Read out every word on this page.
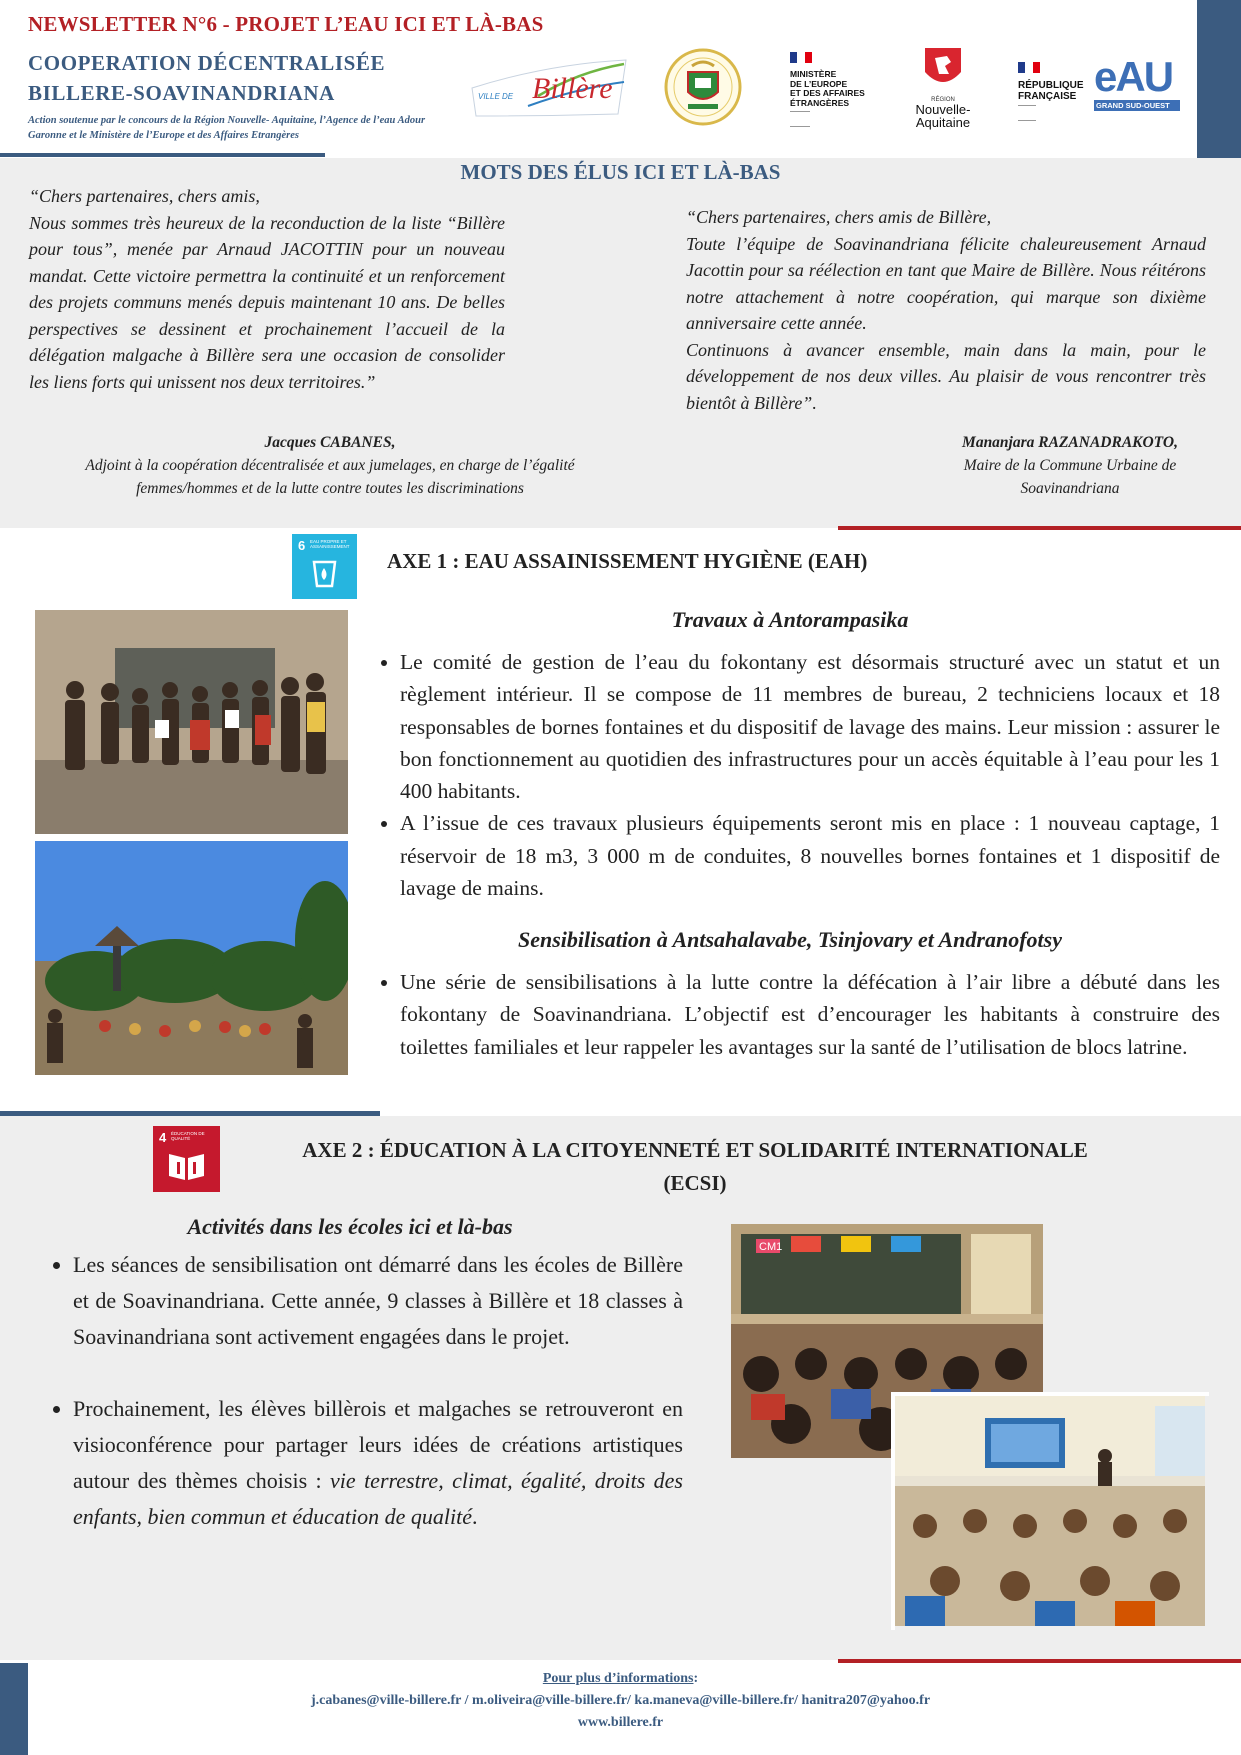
NEWSLETTER N°6 - PROJET L’EAU ICI ET LÀ-BAS
COOPERATION DÉCENTRALISÉE
BILLERE-SOAVINANDRIANA
Action soutenue par le concours de la Région Nouvelle- Aquitaine, l’Agence de l’eau Adour Garonne et le Ministère de l’Europe et des Affaires Etrangères
VILLE DE Billère	MINISTÈRE
DE L’EUROPE
ET DES AFFAIRES
ÉTRANGÈRES	RÉGION
Nouvelle-
Aquitaine
RÉPUBLIQUE
FRANÇAISE eAU
GRAND SUD-OUEST
MOTS DES ÉLUS ICI ET LÀ-BAS
“Chers partenaires, chers amis,
Nous sommes très heureux de la reconduction de la liste “Billère pour tous”, menée par Arnaud JACOTTIN pour un nouveau mandat. Cette victoire permettra la continuité et un renforcement des projets communs menés depuis maintenant 10 ans. De belles perspectives se dessinent et prochainement l’accueil de la délégation malgache à Billère sera une occasion de consolider les liens forts qui unissent nos deux territoires.”
“Chers partenaires, chers amis de Billère,
Toute l’équipe de Soavinandriana félicite chaleureusement Arnaud Jacottin pour sa réélection en tant que Maire de Billère. Nous réitérons notre attachement à notre coopération, qui marque son dixième anniversaire cette année.
Continuons à avancer ensemble, main dans la main, pour le développement de nos deux villes. Au plaisir de vous rencontrer très bientôt à Billère”.
Jacques CABANES,
Adjoint à la coopération décentralisée et aux jumelages, en charge de l’égalité femmes/hommes et de la lutte contre toutes les discriminations
Mananjara RAZANADRAKOTO,
Maire de la Commune Urbaine de Soavinandriana
6 EAU PROPRE ET ASSAINISSEMENT
AXE 1 : EAU ASSAINISSEMENT HYGIÈNE (EAH)
Travaux à Antorampasika
• Le comité de gestion de l’eau du fokontany est désormais structuré avec un statut et un règlement intérieur. Il se compose de 11 membres de bureau, 2 techniciens locaux et 18 responsables de bornes fontaines et du dispositif de lavage des mains. Leur mission : assurer le bon fonctionnement au quotidien des infrastructures pour un accès équitable à l’eau pour les 1 400 habitants.
• A l’issue de ces travaux plusieurs équipements seront mis en place : 1 nouveau captage, 1 réservoir de 18 m3, 3 000 m de conduites, 8 nouvelles bornes fontaines et 1 dispositif de lavage de mains.
Sensibilisation à Antsahalavabe, Tsinjovary et Andranofotsy
• Une série de sensibilisations à la lutte contre la défécation à l’air libre a débuté dans les fokontany de Soavinandriana. L’objectif est d’encourager les habitants à construire des toilettes familiales et leur rappeler les avantages sur la santé de l’utilisation de blocs latrine.
4 ÉDUCATION DE QUALITÉ	AXE 2 : ÉDUCATION À LA CITOYENNETÉ ET SOLIDARITÉ INTERNATIONALE
(ECSI)
Activités dans les écoles ici et là-bas
• Les séances de sensibilisation ont démarré dans les écoles de Billère et de Soavinandriana. Cette année, 9 classes à Billère et 18 classes à Soavinandriana sont activement engagées dans le projet.
• Prochainement, les élèves billèrois et malgaches se retrouveront en visioconférence pour partager leurs idées de créations artistiques autour des thèmes choisis : vie terrestre, climat, égalité, droits des enfants, bien commun et éducation de qualité.
CM1
Pour plus d’informations:
j.cabanes@ville-billere.fr / m.oliveira@ville-billere.fr/ ka.maneva@ville-billere.fr/ hanitra207@yahoo.fr
www.billere.fr
